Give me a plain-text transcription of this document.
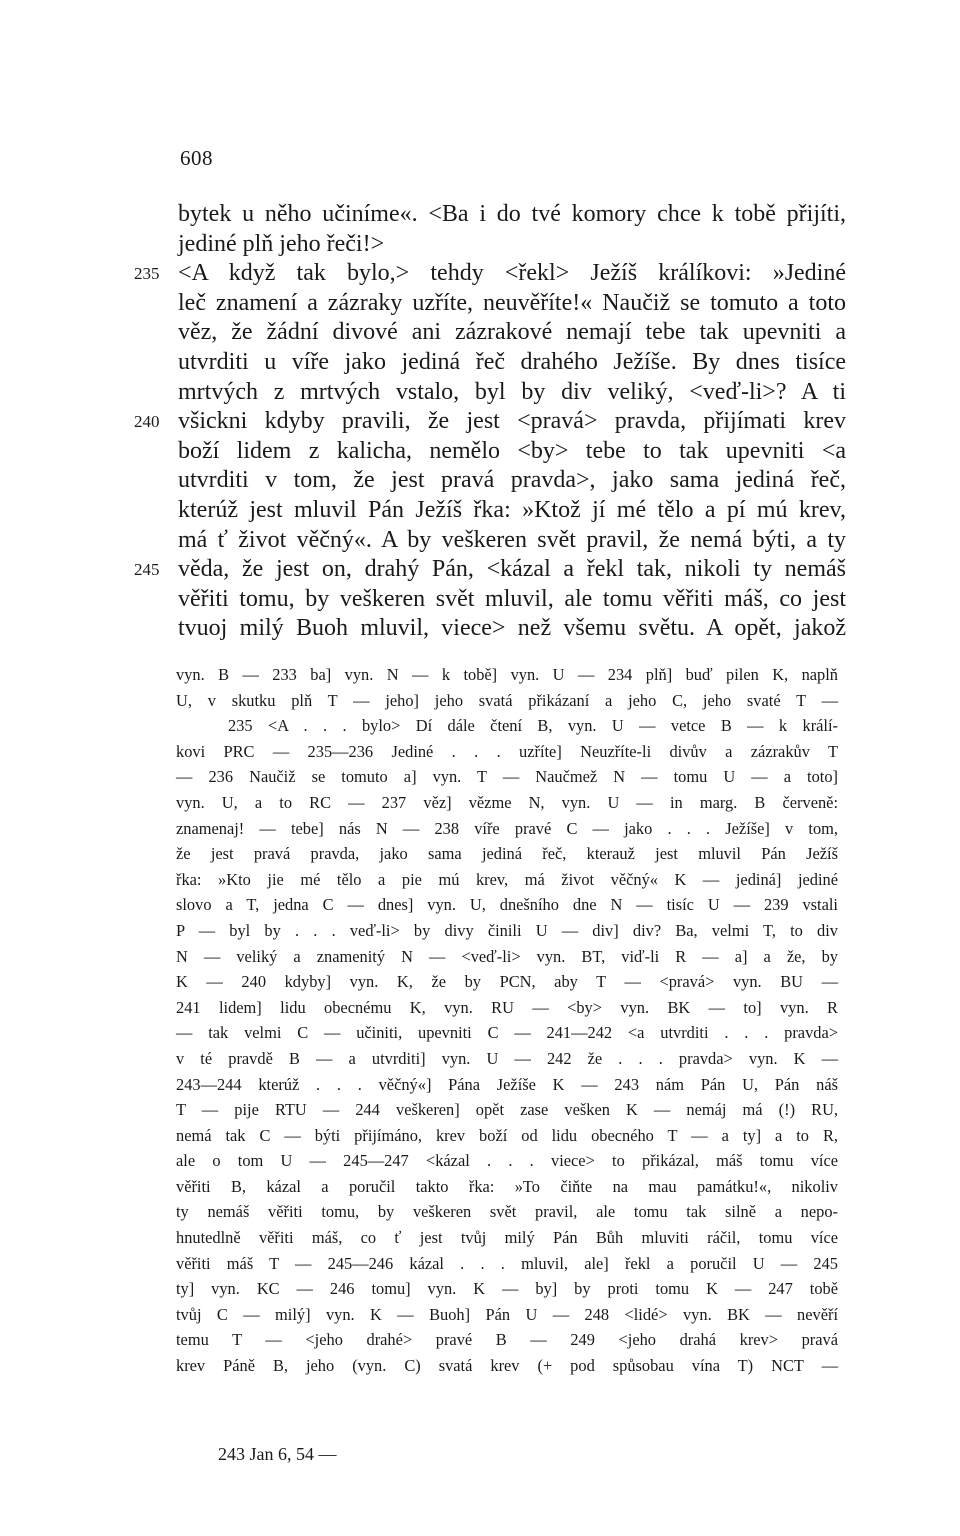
608
bytek u něho učiníme«. <Ba i do tvé komory chce k tobě přijíti,
jediné plň jeho řeči!>
235 <A když tak bylo,> tehdy <řekl> Ježíš králíkovi: »Jediné
leč znamení a zázraky uzříte, neuvěříte!« Naučiž se tomuto a toto
věz, že žádní divové ani zázrakové nemají tebe tak upevniti a
utvrditi u víře jako jediná řeč drahého Ježíše. By dnes tisíce
mrtvých z mrtvých vstalo, byl by div veliký, <veď-li>? A ti
240 všickni kdyby pravili, že jest <pravá> pravda, přijímati krev
boží lidem z kalicha, nemělo <by> tebe to tak upevniti <a
utvrditi v tom, že jest pravá pravda>, jako sama jediná řeč,
kterúž jest mluvil Pán Ježíš řka: »Ktož jí mé tělo a pí mú krev,
má ť život věčný«. A by veškeren svět pravil, že nemá býti, a ty
245 věda, že jest on, drahý Pán, <kázal a řekl tak, nikoli ty nemáš
věřiti tomu, by veškeren svět mluvil, ale tomu věřiti máš, co jest
tvuoj milý Buoh mluvil, viece> než všemu světu. A opět, jakož
vyn. B — 233 ba] vyn. N — k tobě] vyn. U — 234 plň] buď pilen K, naplň
U, v skutku plň T — jeho] jeho svatá přikázaní a jeho C, jeho svaté T —
235 <A . . . bylo> Dí dále čtení B, vyn. U — vetce B — k králí-
kovi PRC — 235—236 Jediné . . . uzříte] Neuzříte-li divův a zázrakův T
— 236 Naučiž se tomuto a] vyn. T — Naučmež N — tomu U — a toto]
vyn. U, a to RC — 237 věz] vězme N, vyn. U — in marg. B červeně:
znamenaj! — tebe] nás N — 238 víře pravé C — jako . . . Ježíše] v tom,
že jest pravá pravda, jako sama jediná řeč, kterauž jest mluvil Pán Ježíš
řka: »Kto jie mé tělo a pie mú krev, má život věčný« K — jediná] jediné
slovo a T, jedna C — dnes] vyn. U, dnešního dne N — tisíc U — 239 vstali
P — byl by . . . veď-li> by divy činili U — div] div? Ba, velmi T, to div
N — veliký a znamenitý N — <veď-li> vyn. BT, viď-li R — a] a že, by
K — 240 kdyby] vyn. K, že by PCN, aby T — <pravá> vyn. BU —
241 lidem] lidu obecnému K, vyn. RU — <by> vyn. BK — to] vyn. R
— tak velmi C — učiniti, upevniti C — 241—242 <a utvrditi . . . pravda>
v té pravdě B — a utvrditi] vyn. U — 242 že . . . pravda> vyn. K —
243—244 kterúž . . . věčný«] Pána Ježíše K — 243 nám Pán U, Pán náš
T — pije RTU — 244 veškeren] opět zase vešken K — nemáj má (!) RU,
nemá tak C — býti přijímáno, krev boží od lidu obecného T — a ty] a to R,
ale o tom U — 245—247 <kázal . . . viece> to přikázal, máš tomu více
věřiti B, kázal a poručil takto řka: »To čiňte na mau památku!«, nikoliv
ty nemáš věřiti tomu, by veškeren svět pravil, ale tomu tak silně a nepo-
hnutedlně věřiti máš, co ť jest tvůj milý Pán Bůh mluviti ráčil, tomu více
věřiti máš T — 245—246 kázal . . . mluvil, ale] řekl a poručil U — 245
ty] vyn. KC — 246 tomu] vyn. K — by] by proti tomu K — 247 tobě
tvůj C — milý] vyn. K — Buoh] Pán U — 248 <lidé> vyn. BK — nevěří
temu T — <jeho drahé> pravé B — 249 <jeho drahá krev> pravá
krev Páně B, jeho (vyn. C) svatá krev (+ pod spůsobau vína T) NCT —
243 Jan 6, 54 —
